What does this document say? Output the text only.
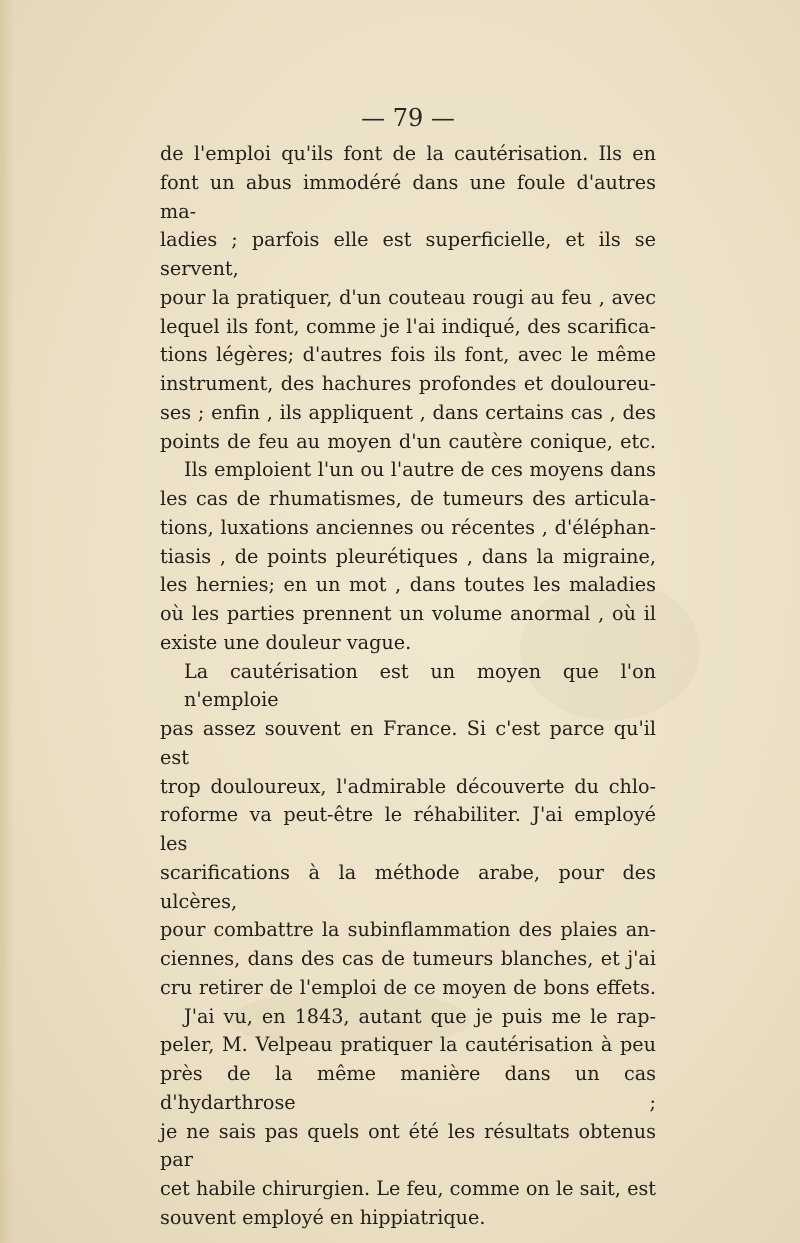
— 79 —

de l'emploi qu'ils font de la cautérisation. Ils en
font un abus immodéré dans une foule d'autres ma-
ladies ; parfois elle est superficielle, et ils se servent,
pour la pratiquer, d'un couteau rougi au feu , avec
lequel ils font, comme je l'ai indiqué, des scarifica-
tions légères; d'autres fois ils font, avec le même
instrument, des hachures profondes et douloureu-
ses ; enfin , ils appliquent , dans certains cas , des
points de feu au moyen d'un cautère conique, etc.

Ils emploient l'un ou l'autre de ces moyens dans
les cas de rhumatismes, de tumeurs des articula-
tions, luxations anciennes ou récentes , d'éléphan-
tiasis , de points pleurétiques , dans la migraine,
les hernies; en un mot , dans toutes les maladies
où les parties prennent un volume anormal , où il
existe une douleur vague.

La cautérisation est un moyen que l'on n'emploie
pas assez souvent en France. Si c'est parce qu'il est
trop douloureux, l'admirable découverte du chlo-
roforme va peut-être le réhabiliter. J'ai employé les
scarifications à la méthode arabe, pour des ulcères,
pour combattre la subinflammation des plaies an-
ciennes, dans des cas de tumeurs blanches, et j'ai
cru retirer de l'emploi de ce moyen de bons effets.

J'ai vu, en 1843, autant que je puis me le rap-
peler, M. Velpeau pratiquer la cautérisation à peu
près de la même manière dans un cas d'hydarthrose ;
je ne sais pas quels ont été les résultats obtenus par
cet habile chirurgien. Le feu, comme on le sait, est
souvent employé en hippiatrique.
